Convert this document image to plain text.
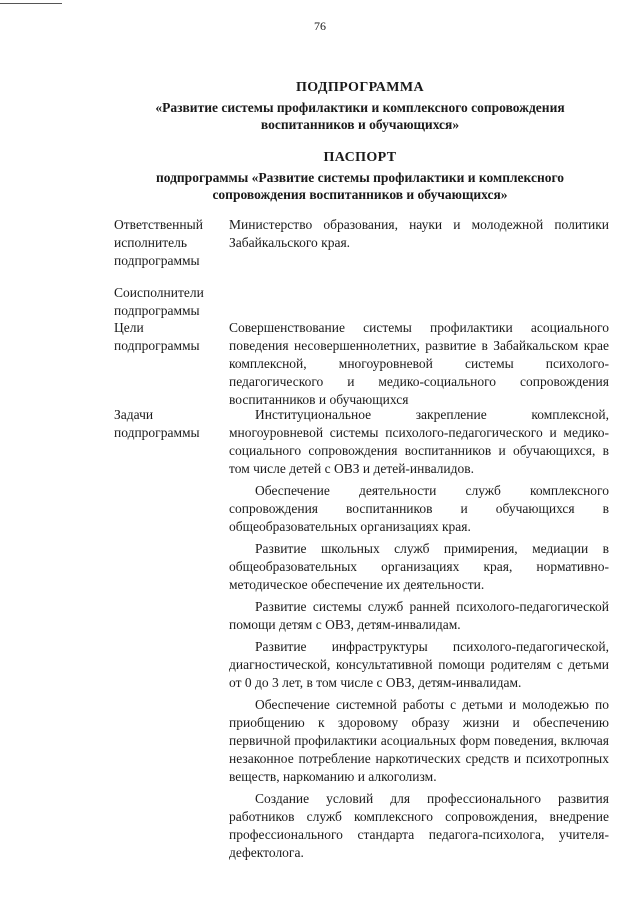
76
ПОДПРОГРАММА
«Развитие системы профилактики и комплексного сопровождения
воспитанников и обучающихся»
ПАСПОРТ
подпрограммы «Развитие системы профилактики и комплексного
сопровождения воспитанников и обучающихся»
Ответственный
исполнитель
подпрограммы

Министерство образования, науки и молодежной политики Забайкальского края.

Соисполнители
подпрограммы
Цели
подпрограммы

Совершенствование системы профилактики асоциального поведения несовершеннолетних, развитие в Забайкальском крае комплексной, многоуровневой системы психолого-педагогического и медико-социального сопровождения воспитанников и обучающихся

Задачи
подпрограммы

Институциональное закрепление комплексной, многоуровневой системы психолого-педагогического и медико-социального сопровождения воспитанников и обучающихся, в том числе детей с ОВЗ и детей-инвалидов.

Обеспечение деятельности служб комплексного сопровождения воспитанников и обучающихся в общеобразовательных организациях края.

Развитие школьных служб примирения, медиации в общеобразовательных организациях края, нормативно-методическое обеспечение их деятельности.

Развитие системы служб ранней психолого-педагогической помощи детям с ОВЗ, детям-инвалидам.

Развитие инфраструктуры психолого-педагогической, диагностической, консультативной помощи родителям с детьми от 0 до 3 лет, в том числе с ОВЗ, детям-инвалидам.

Обеспечение системной работы с детьми и молодежью по приобщению к здоровому образу жизни и обеспечению первичной профилактики асоциальных форм поведения, включая незаконное потребление наркотических средств и психотропных веществ, наркоманию и алкоголизм.

Создание условий для профессионального развития работников служб комплексного сопровождения, внедрение профессионального стандарта педагога-психолога, учителя-дефектолога.
